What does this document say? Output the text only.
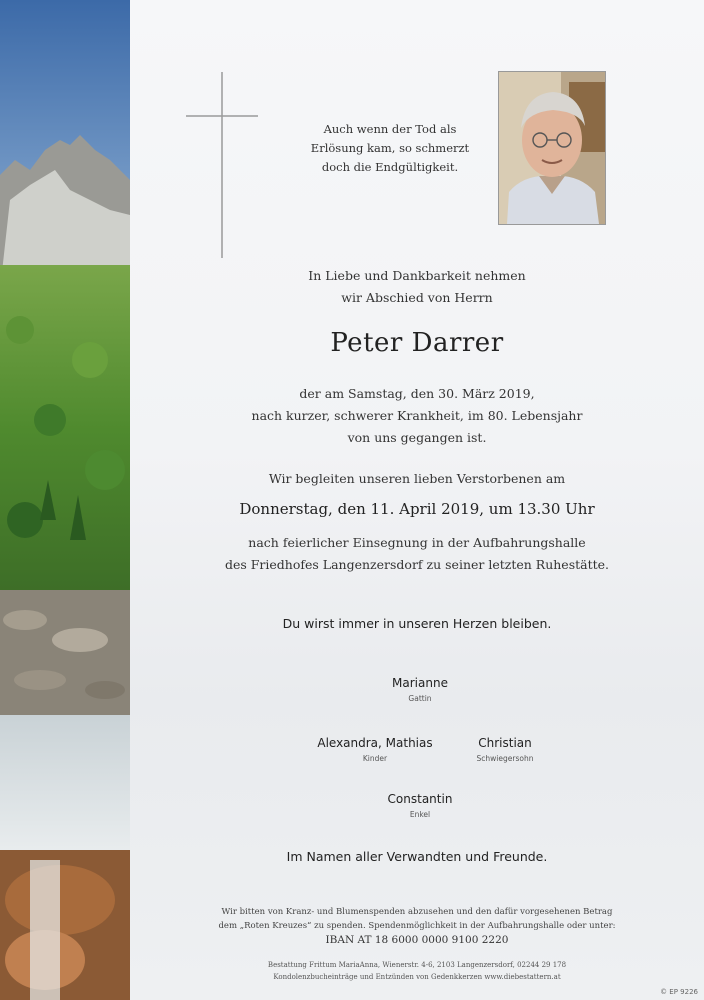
Auch wenn der Tod als
Erlösung kam, so schmerzt
doch die Endgültigkeit.
In Liebe und Dankbarkeit nehmen
wir Abschied von Herrn
Peter Darrer
der am Samstag, den 30. März 2019,
nach kurzer, schwerer Krankheit, im 80. Lebensjahr
von uns gegangen ist.
Wir begleiten unseren lieben Verstorbenen am
Donnerstag, den 11. April 2019, um 13.30 Uhr
nach feierlicher Einsegnung in der Aufbahrungshalle
des Friedhofes Langenzersdorf zu seiner letzten Ruhestätte.
Du wirst immer in unseren Herzen bleiben.
Marianne
Gattin
Alexandra, Mathias
Kinder
Christian
Schwiegersohn
Constantin
Enkel
Im Namen aller Verwandten und Freunde.
Wir bitten von Kranz- und Blumenspenden abzusehen und den dafür vorgesehenen Betrag
dem „Roten Kreuzes“ zu spenden. Spendenmöglichkeit in der Aufbahrungshalle oder unter:
IBAN AT 18 6000 0000 9100 2220
Bestattung Frittum MariaAnna, Wienerstr. 4-6, 2103 Langenzersdorf, 02244 29 178
Kondolenzbucheinträge und Entzünden von Gedenkkerzen www.diebestattern.at
© EP 9226
